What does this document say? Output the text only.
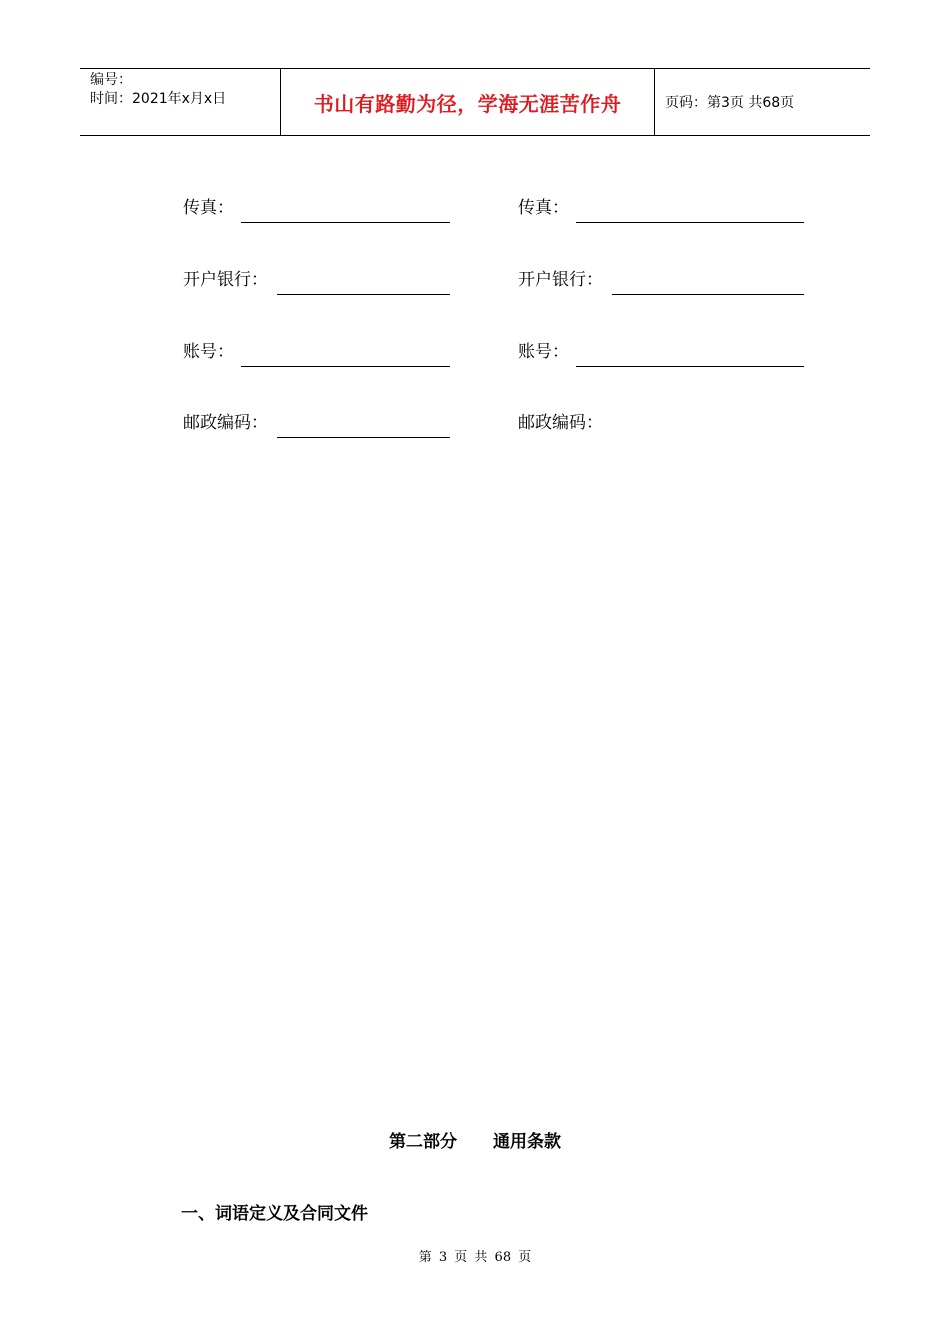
编号：
时间：2021年x月x日	书山有路勤为径，学海无涯苦作舟	页码：第3页 共68页
传真：
开户银行：
账号：
邮政编码：
传真：
开户银行：
账号：
邮政编码：
第二部分 通用条款
一、词语定义及合同文件
第 3 页 共 68 页
